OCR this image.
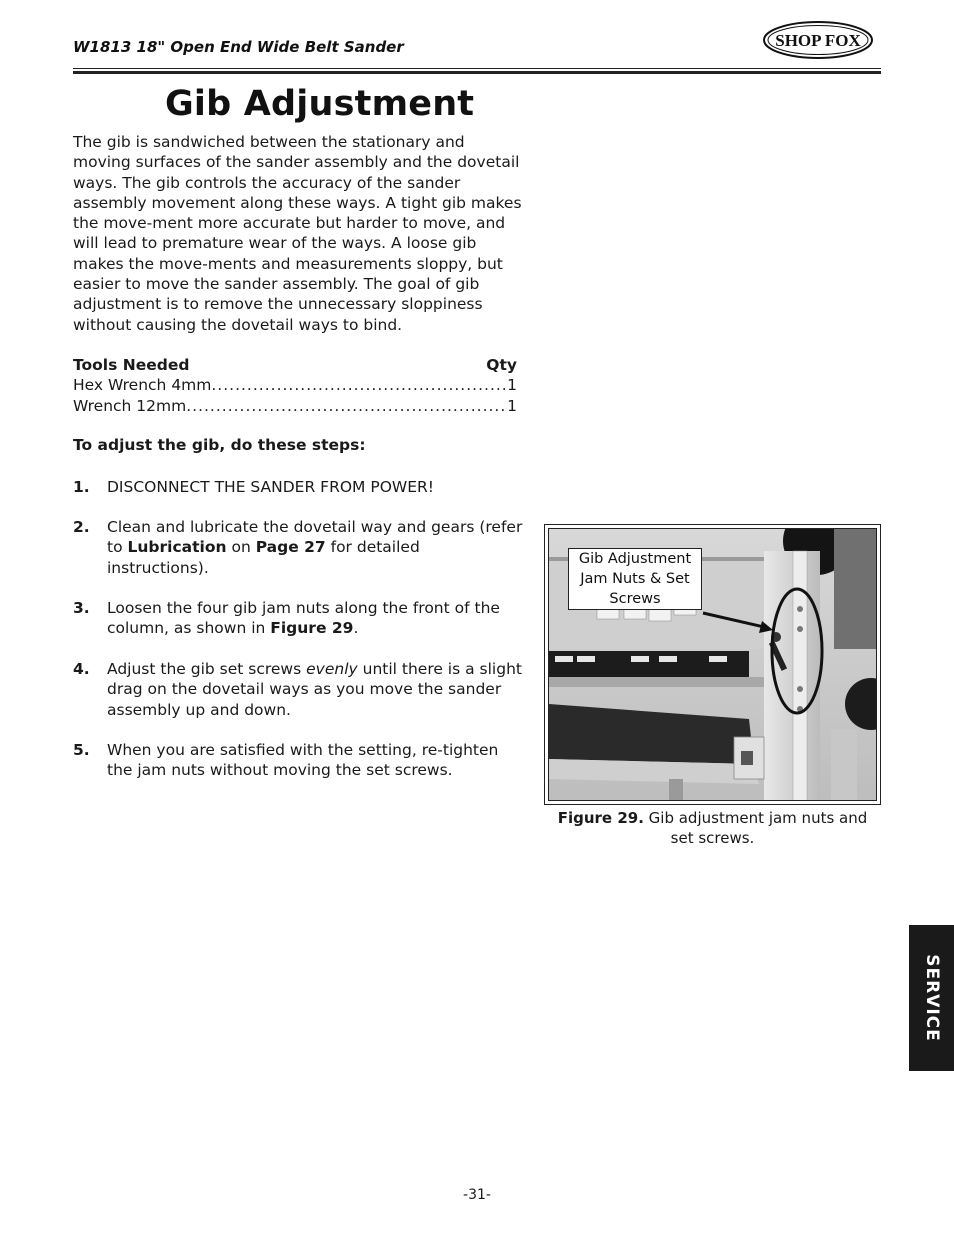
W1813 18" Open End Wide Belt Sander	SHOP FOX
Gib Adjustment
The gib is sandwiched between the stationary and moving surfaces of the sander assembly and the dovetail ways. The gib controls the accuracy of the sander assembly movement along these ways. A tight gib makes the move-ment more accurate but harder to move, and will lead to premature wear of the ways. A loose gib makes the move-ments and measurements sloppy, but easier to move the sander assembly. The goal of gib adjustment is to remove the unnecessary sloppiness without causing the dovetail ways to bind.
Tools Needed	Qty
Hex Wrench 4mm .....	1
Wrench 12mm .....	1
To adjust the gib, do these steps:
1. DISCONNECT THE SANDER FROM POWER!
2. Clean and lubricate the dovetail way and gears (refer to Lubrication on Page 27 for detailed instructions).
3. Loosen the four gib jam nuts along the front of the column, as shown in Figure 29.
4. Adjust the gib set screws evenly until there is a slight drag on the dovetail ways as you move the sander assembly up and down.
5. When you are satisfied with the setting, re-tighten the jam nuts without moving the set screws.
Gib Adjustment Jam Nuts & Set Screws
Figure 29. Gib adjustment jam nuts and set screws.
SERVICE
-31-
